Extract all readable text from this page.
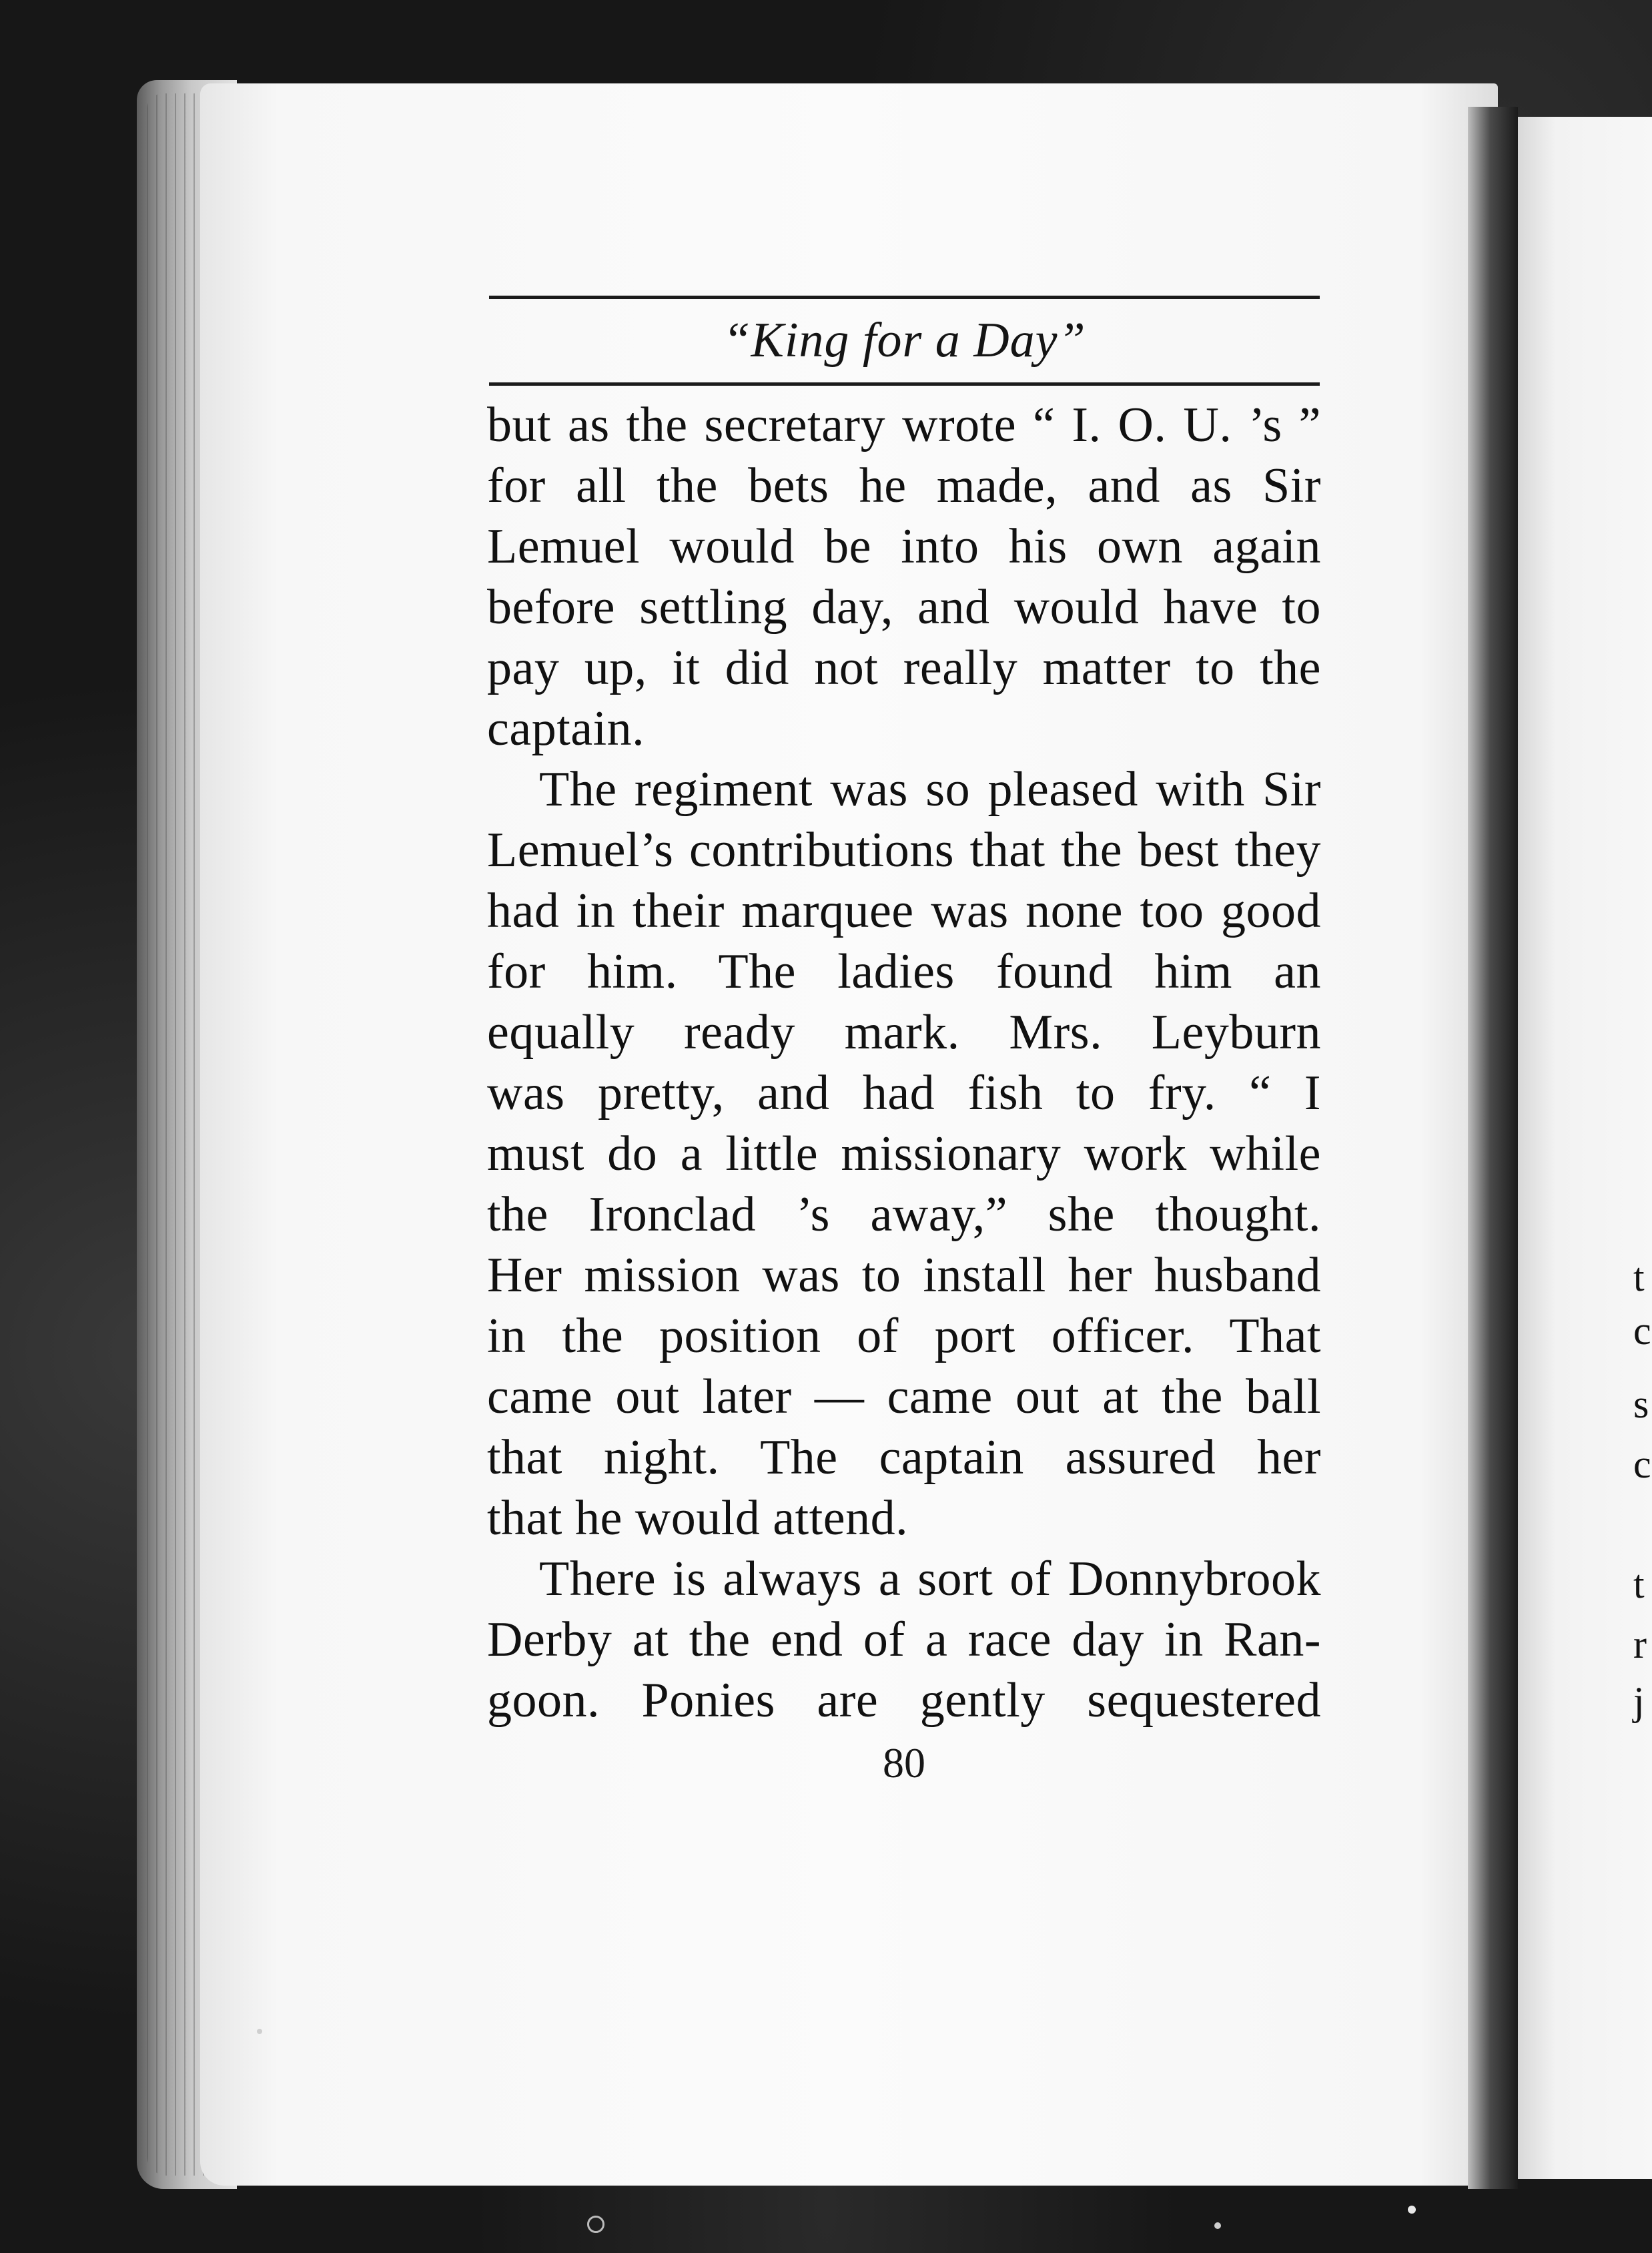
t
c
s
c
t
r
j
“King for a Day”
but as the secretary wrote “ I. O. U. ’s ”
for all the bets he made, and as Sir
Lemuel would be into his own again
before settling day, and would have to
pay up, it did not really matter to the
captain.
The regiment was so pleased with Sir
Lemuel’s contributions that the best they
had in their marquee was none too good
for him. The ladies found him an
equally ready mark. Mrs. Leyburn
was pretty, and had fish to fry. “ I
must do a little missionary work while
the Ironclad ’s away,” she thought.
Her mission was to install her husband
in the position of port officer. That
came out later — came out at the ball
that night. The captain assured her
that he would attend.
There is always a sort of Donnybrook
Derby at the end of a race day in Ran-
goon. Ponies are gently sequestered
80
